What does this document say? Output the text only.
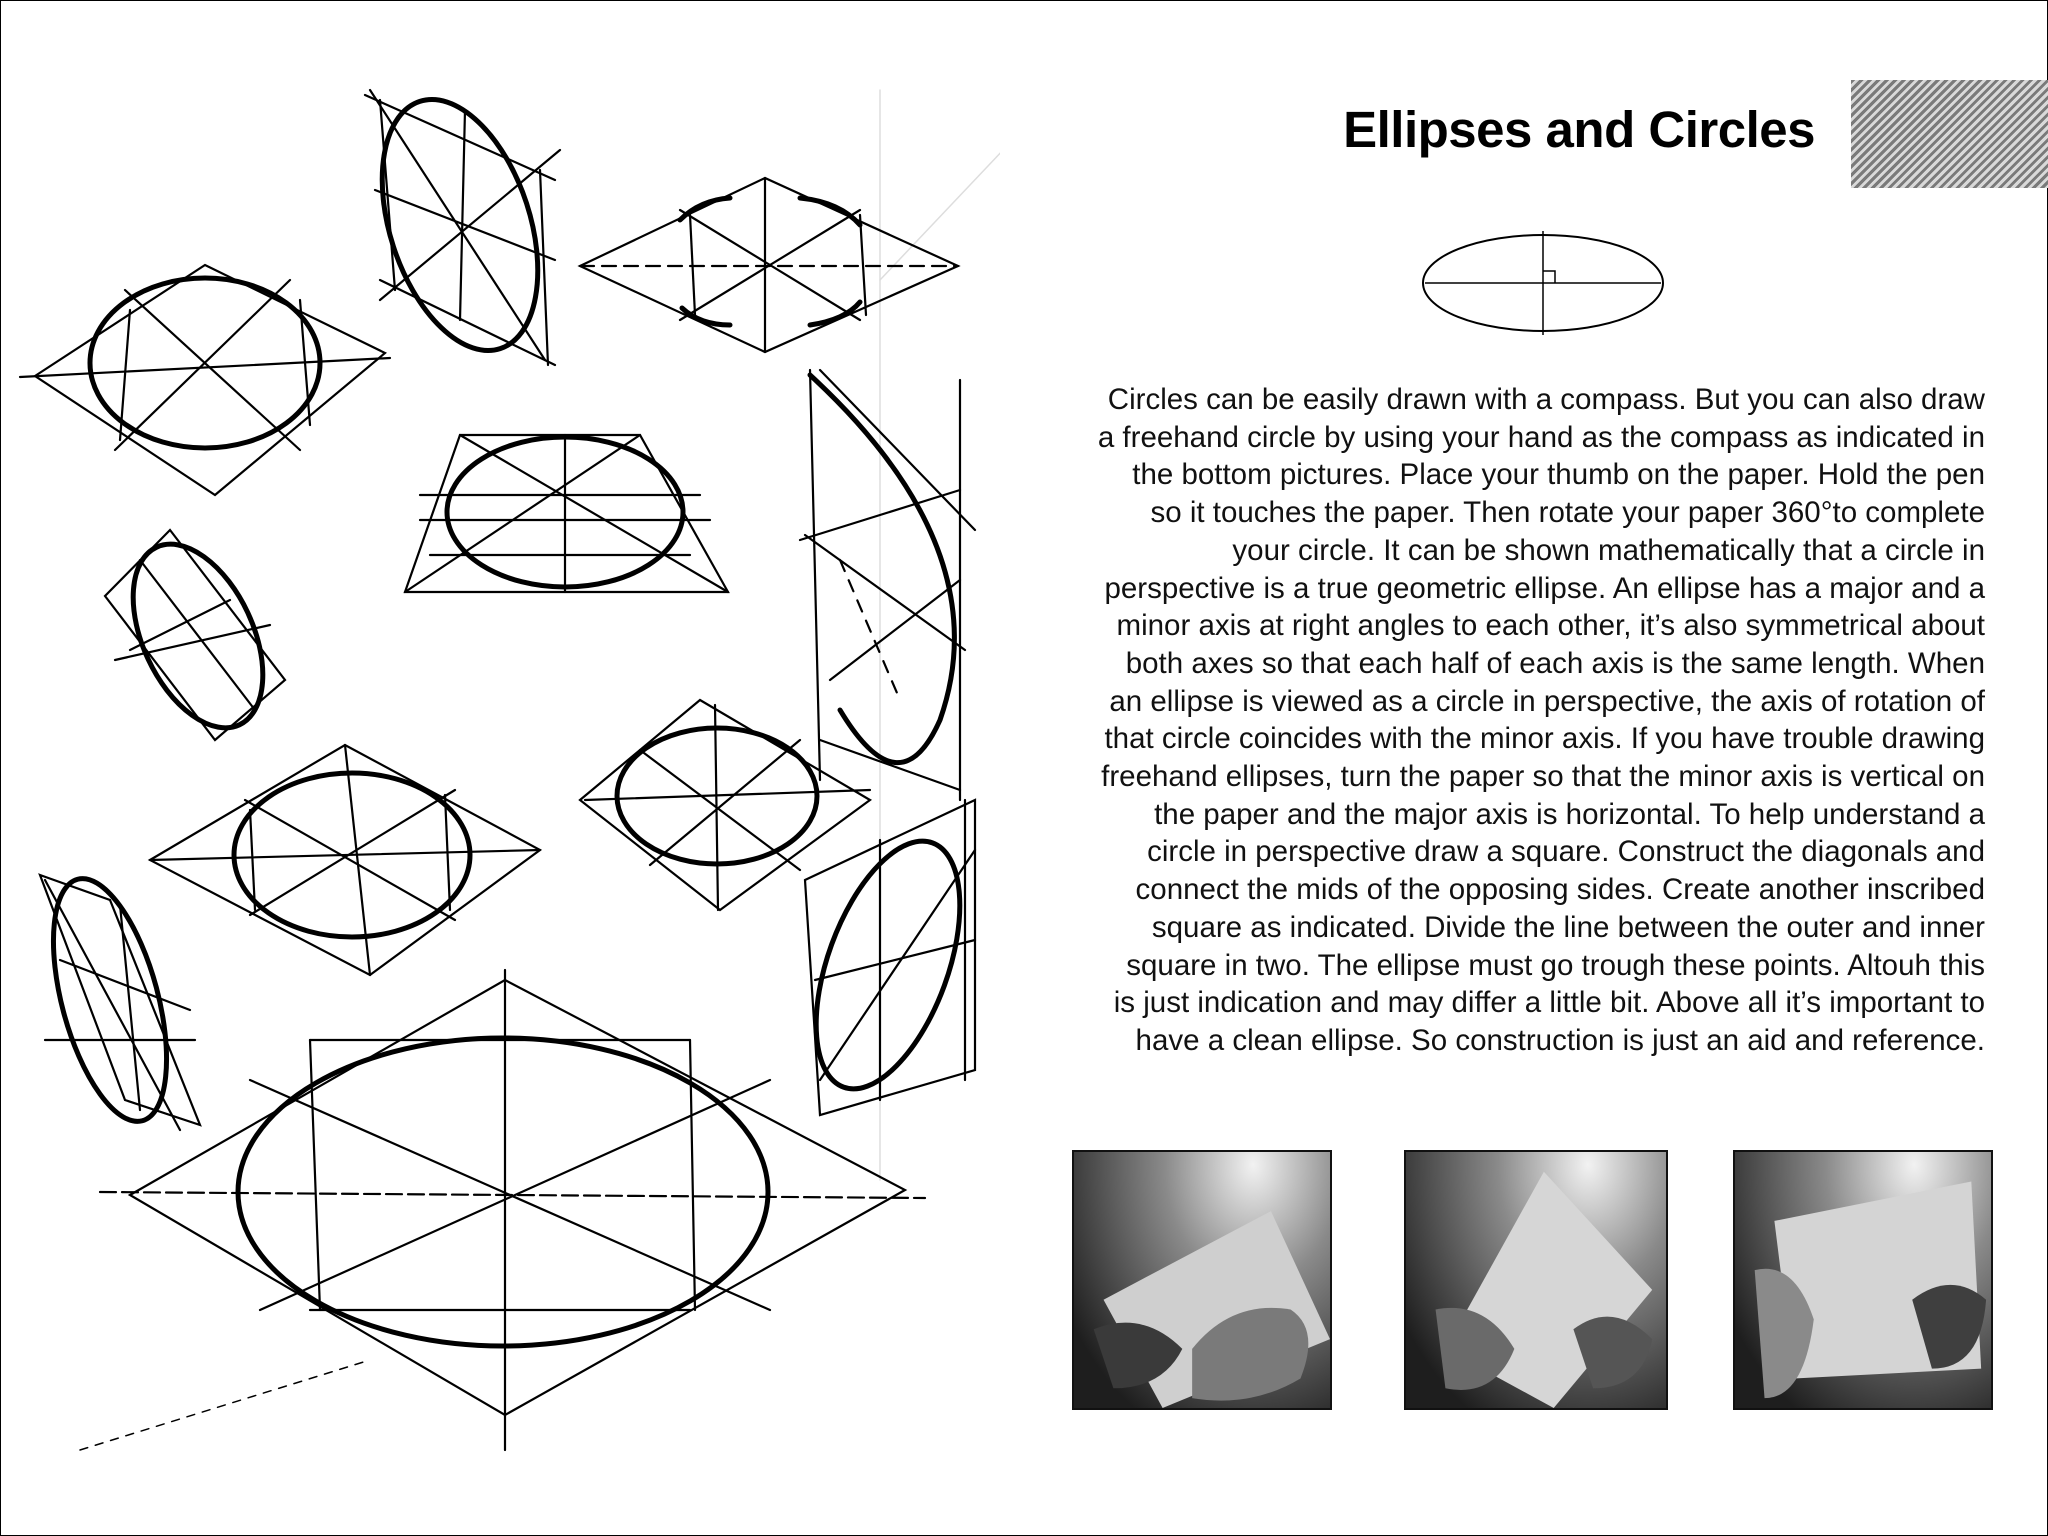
Ellipses and Circles
Circles can be easily drawn with a compass. But you can also draw
a freehand circle by using your hand as the compass as indicated in
the bottom pictures. Place your thumb on the paper. Hold the pen
so it touches the paper. Then rotate your paper 360°to complete
your circle. It can be shown mathematically that a circle in
perspective is a true geometric ellipse. An ellipse has a major and a
minor axis at right angles to each other, it’s also symmetrical about
both axes so that each half of each axis is the same length. When
an ellipse is viewed as a circle in perspective, the axis of rotation of
that circle coincides with the minor axis. If you have trouble drawing
freehand ellipses, turn the paper so that the minor axis is vertical on
the paper and the major axis is horizontal. To help understand a
circle in perspective draw a square. Construct the diagonals and
connect the mids of the opposing sides. Create another inscribed
square as indicated. Divide the line between the outer and inner
square in two. The ellipse must go trough these points. Altouh this
is just indication and may differ a little bit. Above all it’s important to
have a clean ellipse. So construction is just an aid and reference.
